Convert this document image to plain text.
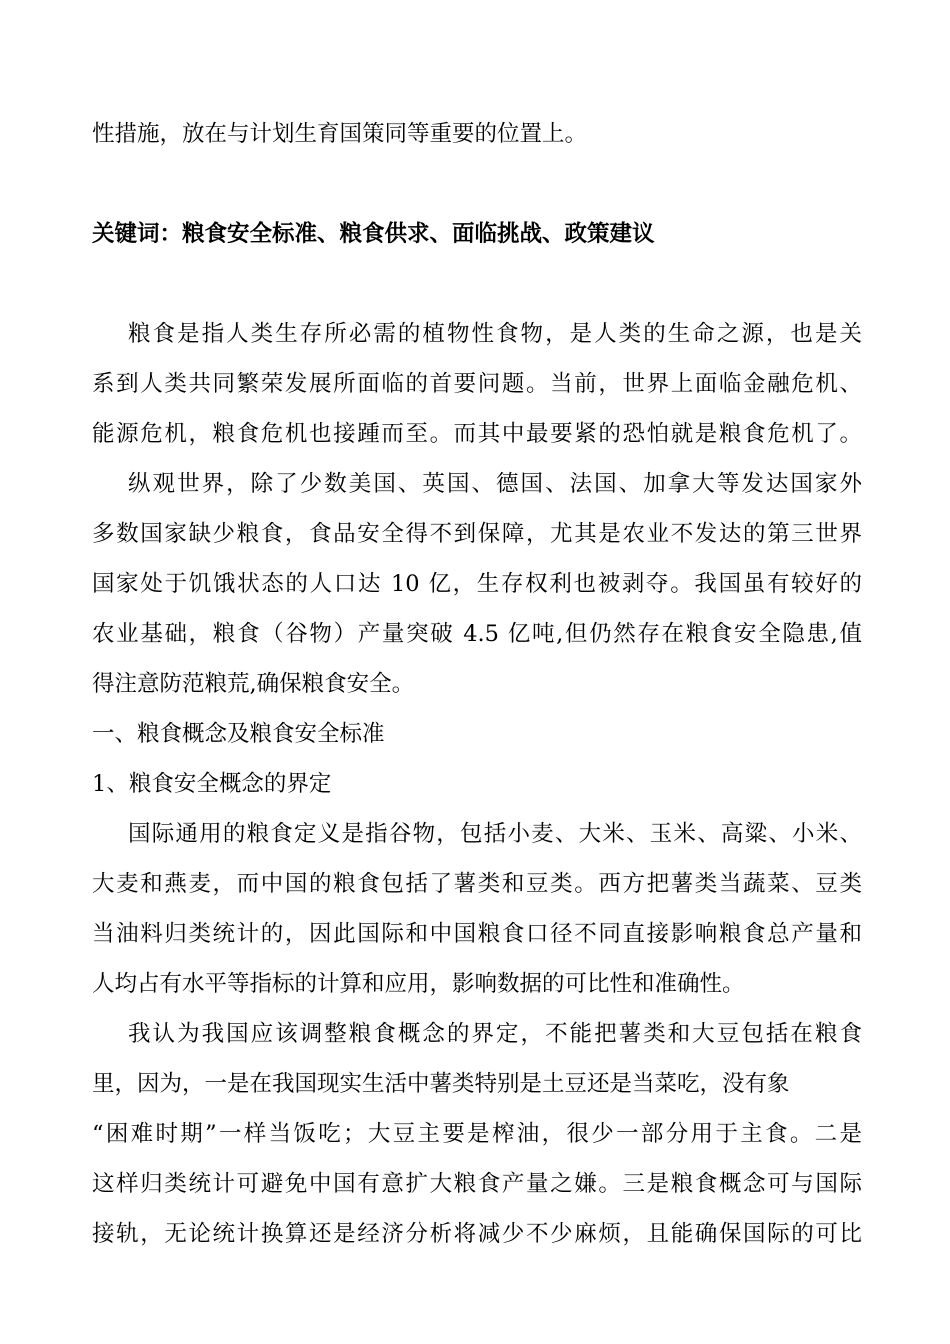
性措施，放在与计划生育国策同等重要的位置上。

关键词：粮食安全标准、粮食供求、面临挑战、政策建议

粮食是指人类生存所必需的植物性食物，是人类的生命之源，也是关

系到人类共同繁荣发展所面临的首要问题。当前，世界上面临金融危机、

能源危机，粮食危机也接踵而至。而其中最要紧的恐怕就是粮食危机了。

纵观世界，除了少数美国、英国、德国、法国、加拿大等发达国家外

多数国家缺少粮食，食品安全得不到保障，尤其是农业不发达的第三世界

国家处于饥饿状态的人口达 10 亿，生存权利也被剥夺。我国虽有较好的

农业基础，粮食（谷物）产量突破 4.5 亿吨,但仍然存在粮食安全隐患,值

得注意防范粮荒,确保粮食安全。

一、粮食概念及粮食安全标准

1、粮食安全概念的界定

国际通用的粮食定义是指谷物，包括小麦、大米、玉米、高粱、小米、

大麦和燕麦，而中国的粮食包括了薯类和豆类。西方把薯类当蔬菜、豆类

当油料归类统计的，因此国际和中国粮食口径不同直接影响粮食总产量和

人均占有水平等指标的计算和应用，影响数据的可比性和准确性。

我认为我国应该调整粮食概念的界定，不能把薯类和大豆包括在粮食

里，因为，一是在我国现实生活中薯类特别是土豆还是当菜吃，没有象

“困难时期”一样当饭吃；大豆主要是榨油，很少一部分用于主食。二是

这样归类统计可避免中国有意扩大粮食产量之嫌。三是粮食概念可与国际

接轨，无论统计换算还是经济分析将减少不少麻烦，且能确保国际的可比
